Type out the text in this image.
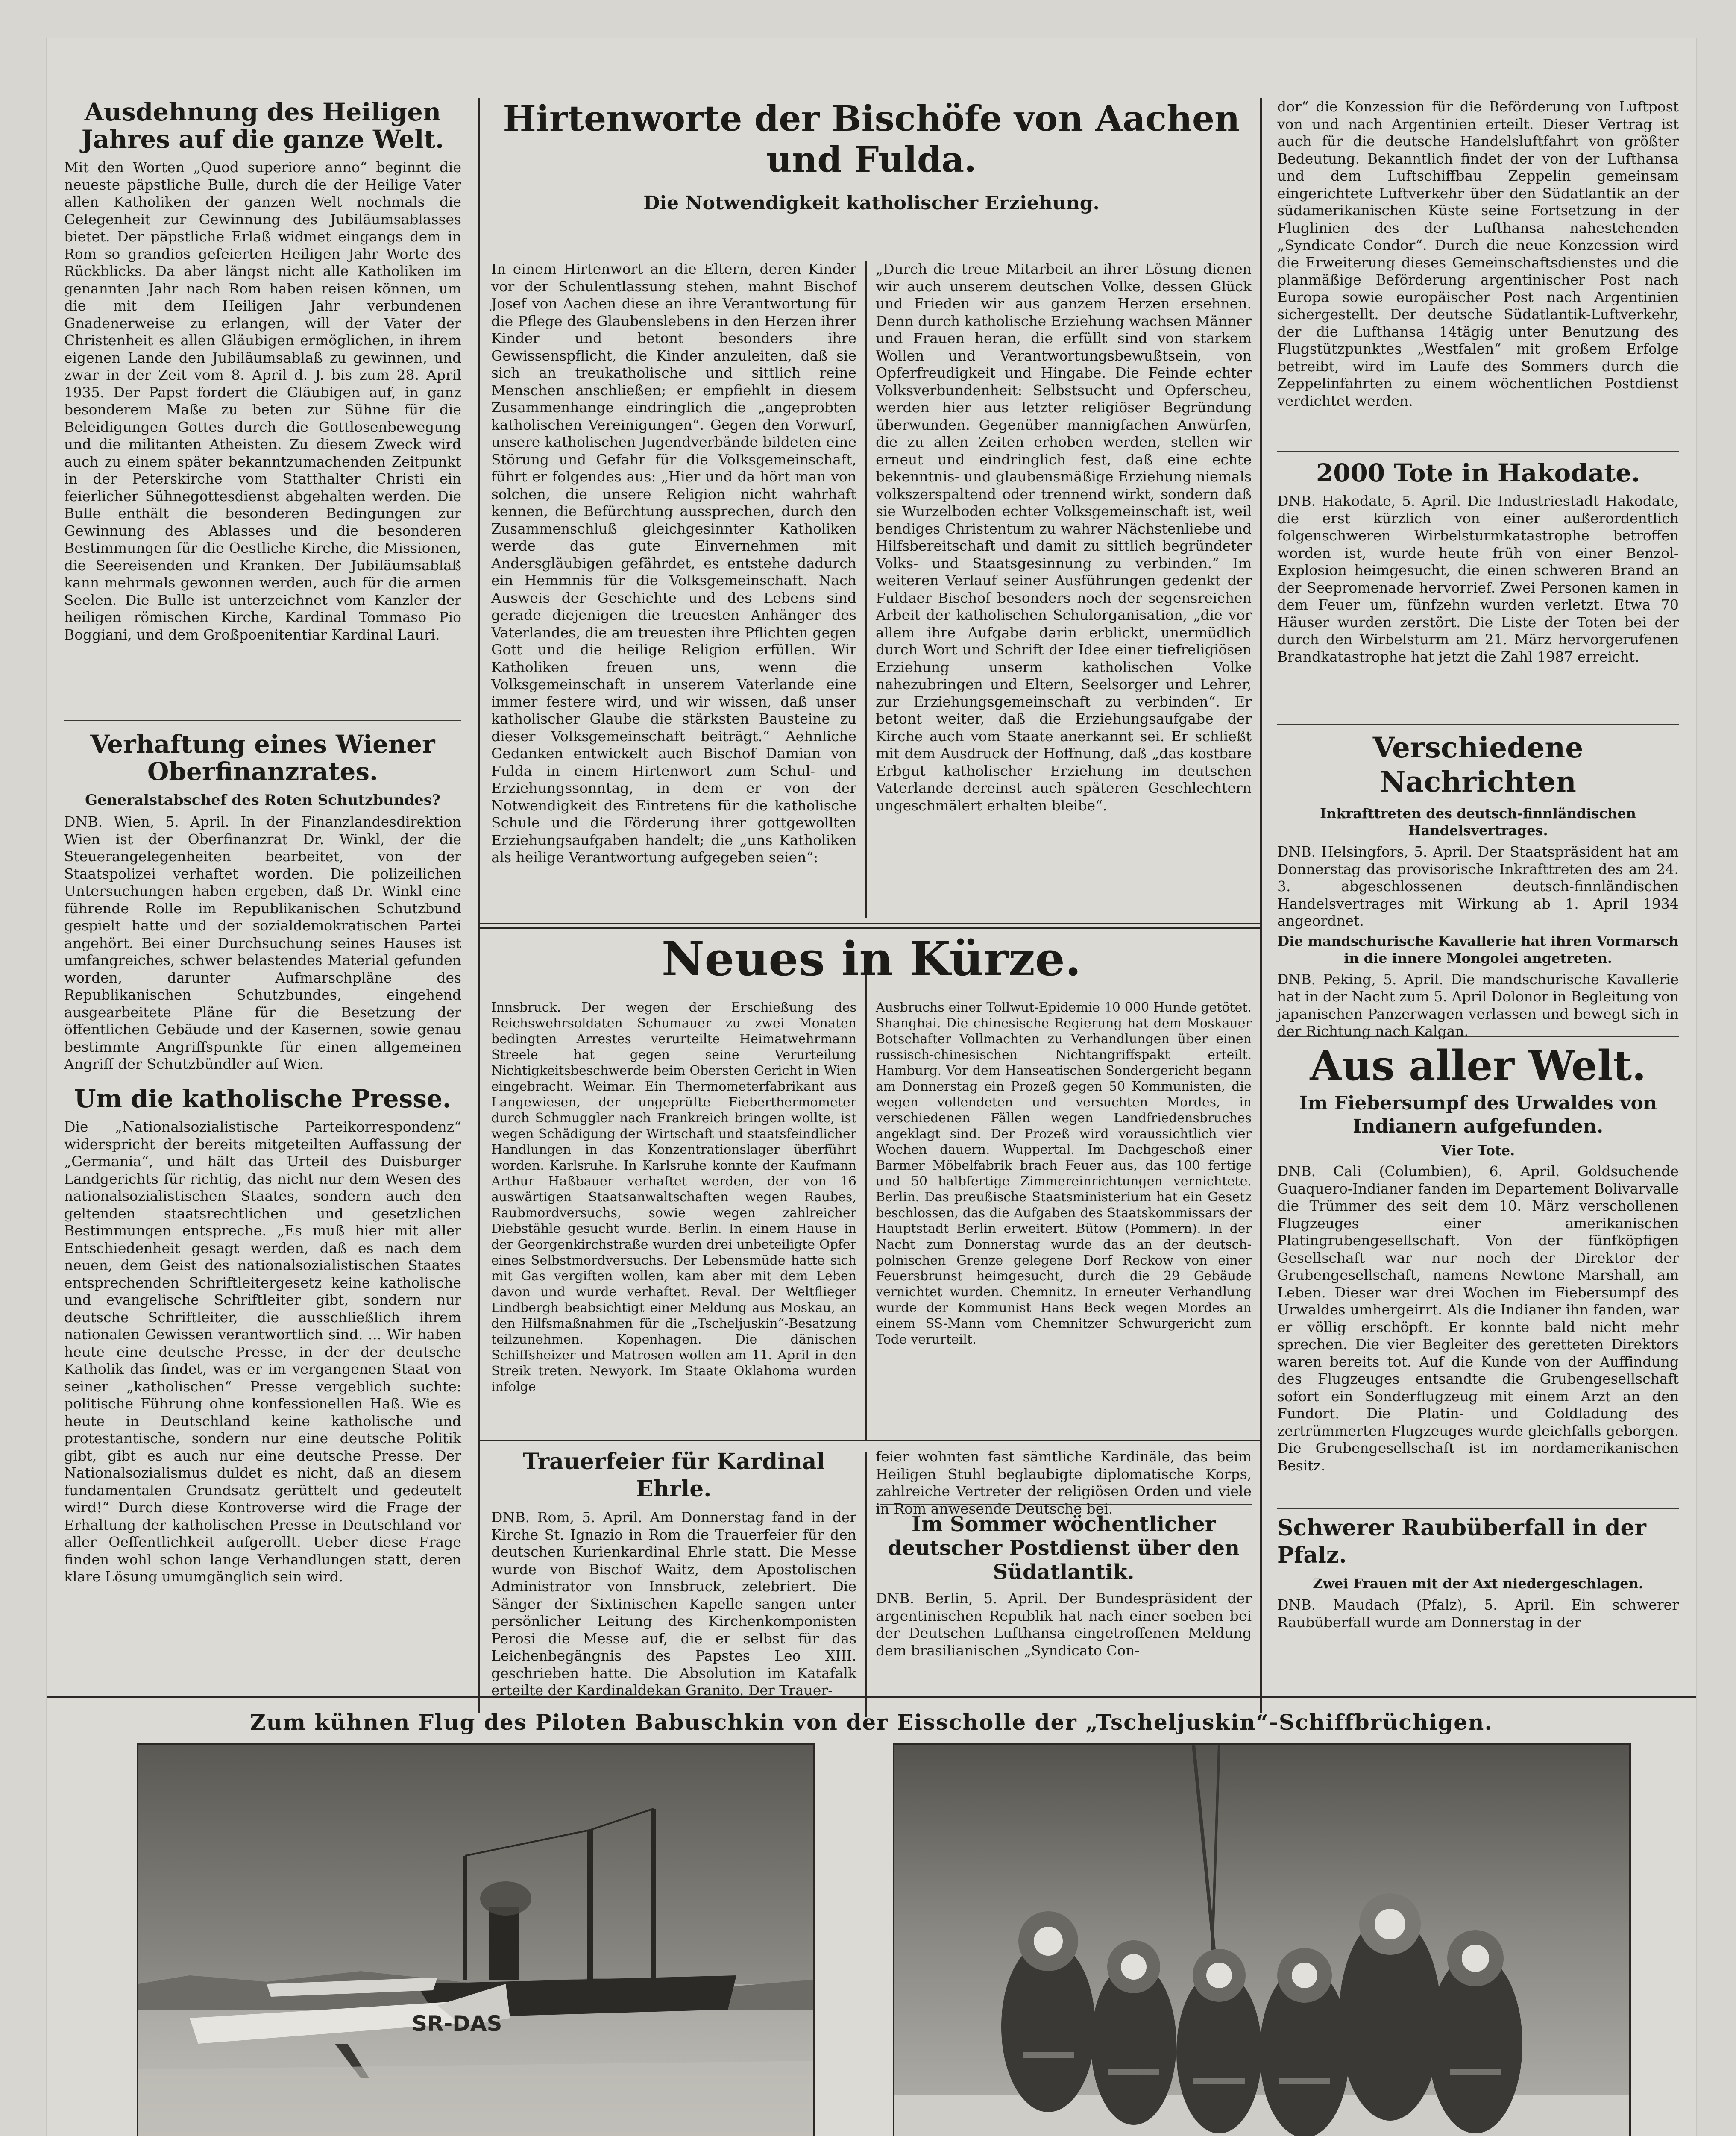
Ausdehnung des Heiligen Jahres auf die ganze Welt.

Mit den Worten „Quod superiore anno“ beginnt die neueste päpstliche Bulle, durch die der Heilige Vater allen Katholiken der ganzen Welt nochmals die Gelegenheit zur Gewinnung des Jubiläumsablasses bietet. Der päpstliche Erlaß widmet eingangs dem in Rom so grandios gefeierten Heiligen Jahr Worte des Rückblicks. Da aber längst nicht alle Katholiken im genannten Jahr nach Rom haben reisen können, um die mit dem Heiligen Jahr verbundenen Gnadenerweise zu erlangen, will der Vater der Christenheit es allen Gläubigen ermöglichen, in ihrem eigenen Lande den Jubiläumsablaß zu gewinnen, und zwar in der Zeit vom 8. April d. J. bis zum 28. April 1935. Der Papst fordert die Gläubigen auf, in ganz besonderem Maße zu beten zur Sühne für die Beleidigungen Gottes durch die Gottlosenbewegung und die militanten Atheisten. Zu diesem Zweck wird auch zu einem später bekanntzumachenden Zeitpunkt in der Peterskirche vom Statthalter Christi ein feierlicher Sühnegottesdienst abgehalten werden. Die Bulle enthält die besonderen Bedingungen zur Gewinnung des Ablasses und die besonderen Bestimmungen für die Oestliche Kirche, die Missionen, die Seereisenden und Kranken. Der Jubiläumsablaß kann mehrmals gewonnen werden, auch für die armen Seelen. Die Bulle ist unterzeichnet vom Kanzler der heiligen römischen Kirche, Kardinal Tommaso Pio Boggiani, und dem Großpoenitentiar Kardinal Lauri.

Verhaftung eines Wiener Oberfinanzrates.
Generalstabschef des Roten Schutzbundes?

DNB. Wien, 5. April. In der Finanzlandesdirektion Wien ist der Oberfinanzrat Dr. Winkl, der die Steuerangelegenheiten bearbeitet, von der Staatspolizei verhaftet worden. Die polizeilichen Untersuchungen haben ergeben, daß Dr. Winkl eine führende Rolle im Republikanischen Schutzbund gespielt hatte und der sozialdemokratischen Partei angehört. Bei einer Durchsuchung seines Hauses ist umfangreiches, schwer belastendes Material gefunden worden, darunter Aufmarschpläne des Republikanischen Schutzbundes, eingehend ausgearbeitete Pläne für die Besetzung der öffentlichen Gebäude und der Kasernen, sowie genau bestimmte Angriffspunkte für einen allgemeinen Angriff der Schutzbündler auf Wien.

Um die katholische Presse.

Die „Nationalsozialistische Parteikorrespondenz“ widerspricht der bereits mitgeteilten Auffassung der „Germania“, und hält das Urteil des Duisburger Landgerichts für richtig, das nicht nur dem Wesen des nationalsozialistischen Staates, sondern auch den geltenden staatsrechtlichen und gesetzlichen Bestimmungen entspreche. „Es muß hier mit aller Entschiedenheit gesagt werden, daß es nach dem neuen, dem Geist des nationalsozialistischen Staates entsprechenden Schriftleitergesetz keine katholische und evangelische Schriftleiter gibt, sondern nur deutsche Schriftleiter, die ausschließlich ihrem nationalen Gewissen verantwortlich sind. ... Wir haben heute eine deutsche Presse, in der der deutsche Katholik das findet, was er im vergangenen Staat von seiner „katholischen“ Presse vergeblich suchte: politische Führung ohne konfessionellen Haß. Wie es heute in Deutschland keine katholische und protestantische, sondern nur eine deutsche Politik gibt, gibt es auch nur eine deutsche Presse. Der Nationalsozialismus duldet es nicht, daß an diesem fundamentalen Grundsatz gerüttelt und gedeutelt wird!“ Durch diese Kontroverse wird die Frage der Erhaltung der katholischen Presse in Deutschland vor aller Oeffentlichkeit aufgerollt. Ueber diese Frage finden wohl schon lange Verhandlungen statt, deren klare Lösung umumgänglich sein wird.

Hirtenworte der Bischöfe von Aachen und Fulda.
Die Notwendigkeit katholischer Erziehung.

In einem Hirtenwort an die Eltern, deren Kinder vor der Schulentlassung stehen, mahnt Bischof Josef von Aachen diese an ihre Verantwortung für die Pflege des Glaubenslebens in den Herzen ihrer Kinder und betont besonders ihre Gewissenspflicht, die Kinder anzuleiten, daß sie sich an treukatholische und sittlich reine Menschen anschließen; er empfiehlt in diesem Zusammenhange eindringlich die „angeprobten katholischen Vereinigungen“. Gegen den Vorwurf, unsere katholischen Jugendverbände bildeten eine Störung und Gefahr für die Volksgemeinschaft, führt er folgendes aus: „Hier und da hört man von solchen, die unsere Religion nicht wahrhaft kennen, die Befürchtung aussprechen, durch den Zusammenschluß gleichgesinnter Katholiken werde das gute Einvernehmen mit Andersgläubigen gefährdet, es entstehe dadurch ein Hemmnis für die Volksgemeinschaft. Nach Ausweis der Geschichte und des Lebens sind gerade diejenigen die treuesten Anhänger des Vaterlandes, die am treuesten ihre Pflichten gegen Gott und die heilige Religion erfüllen. Wir Katholiken freuen uns, wenn die Volksgemeinschaft in unserem Vaterlande eine immer festere wird, und wir wissen, daß unser katholischer Glaube die stärksten Bausteine zu dieser Volksgemeinschaft beiträgt.“ Aehnliche Gedanken entwickelt auch Bischof Damian von Fulda in einem Hirtenwort zum Schul- und Erziehungssonntag, in dem er von der Notwendigkeit des Eintretens für die katholische Schule und die Förderung ihrer gottgewollten Erziehungsaufgaben handelt; die „uns Katholiken als heilige Verantwortung aufgegeben seien“:

„Durch die treue Mitarbeit an ihrer Lösung dienen wir auch unserem deutschen Volke, dessen Glück und Frieden wir aus ganzem Herzen ersehnen. Denn durch katholische Erziehung wachsen Männer und Frauen heran, die erfüllt sind von starkem Wollen und Verantwortungsbewußtsein, von Opferfreudigkeit und Hingabe. Die Feinde echter Volksverbundenheit: Selbstsucht und Opferscheu, werden hier aus letzter religiöser Begründung überwunden. Gegenüber mannigfachen Anwürfen, die zu allen Zeiten erhoben werden, stellen wir erneut und eindringlich fest, daß eine echte bekenntnis- und glaubensmäßige Erziehung niemals volkszerspaltend oder trennend wirkt, sondern daß sie Wurzelboden echter Volksgemeinschaft ist, weil bendiges Christentum zu wahrer Nächstenliebe und Hilfsbereitschaft und damit zu sittlich begründeter Volks- und Staatsgesinnung zu verbinden.“ Im weiteren Verlauf seiner Ausführungen gedenkt der Fuldaer Bischof besonders noch der segensreichen Arbeit der katholischen Schulorganisation, „die vor allem ihre Aufgabe darin erblickt, unermüdlich durch Wort und Schrift der Idee einer tiefreligiösen Erziehung unserm katholischen Volke nahezubringen und Eltern, Seelsorger und Lehrer, zur Erziehungsgemeinschaft zu verbinden“. Er betont weiter, daß die Erziehungsaufgabe der Kirche auch vom Staate anerkannt sei. Er schließt mit dem Ausdruck der Hoffnung, daß „das kostbare Erbgut katholischer Erziehung im deutschen Vaterlande dereinst auch späteren Geschlechtern ungeschmälert erhalten bleibe“.

Neues in Kürze.

Innsbruck. Der wegen der Erschießung des Reichswehrsoldaten Schumauer zu zwei Monaten bedingten Arrestes verurteilte Heimatwehrmann Streele hat gegen seine Verurteilung Nichtigkeitsbeschwerde beim Obersten Gericht in Wien eingebracht. Weimar. Ein Thermometerfabrikant aus Langewiesen, der ungeprüfte Fieberthermometer durch Schmuggler nach Frankreich bringen wollte, ist wegen Schädigung der Wirtschaft und staatsfeindlicher Handlungen in das Konzentrationslager überführt worden. Karlsruhe. In Karlsruhe konnte der Kaufmann Arthur Haßbauer verhaftet werden, der von 16 auswärtigen Staatsanwaltschaften wegen Raubes, Raubmordversuchs, sowie wegen zahlreicher Diebstähle gesucht wurde. Berlin. In einem Hause in der Georgenkirchstraße wurden drei unbeteiligte Opfer eines Selbstmordversuchs. Der Lebensmüde hatte sich mit Gas vergiften wollen, kam aber mit dem Leben davon und wurde verhaftet. Reval. Der Weltflieger Lindbergh beabsichtigt einer Meldung aus Moskau, an den Hilfsmaßnahmen für die „Tscheljuskin“-Besatzung teilzunehmen. Kopenhagen. Die dänischen Schiffsheizer und Matrosen wollen am 11. April in den Streik treten. Newyork. Im Staate Oklahoma wurden infolge

Ausbruchs einer Tollwut-Epidemie 10 000 Hunde getötet. Shanghai. Die chinesische Regierung hat dem Moskauer Botschafter Vollmachten zu Verhandlungen über einen russisch-chinesischen Nichtangriffspakt erteilt. Hamburg. Vor dem Hanseatischen Sondergericht begann am Donnerstag ein Prozeß gegen 50 Kommunisten, die wegen vollendeten und versuchten Mordes, in verschiedenen Fällen wegen Landfriedensbruches angeklagt sind. Der Prozeß wird voraussichtlich vier Wochen dauern. Wuppertal. Im Dachgeschoß einer Barmer Möbelfabrik brach Feuer aus, das 100 fertige und 50 halbfertige Zimmereinrichtungen vernichtete. Berlin. Das preußische Staatsministerium hat ein Gesetz beschlossen, das die Aufgaben des Staatskommissars der Hauptstadt Berlin erweitert. Bütow (Pommern). In der Nacht zum Donnerstag wurde das an der deutsch-polnischen Grenze gelegene Dorf Reckow von einer Feuersbrunst heimgesucht, durch die 29 Gebäude vernichtet wurden. Chemnitz. In erneuter Verhandlung wurde der Kommunist Hans Beck wegen Mordes an einem SS-Mann vom Chemnitzer Schwurgericht zum Tode verurteilt.

Trauerfeier für Kardinal Ehrle.

DNB. Rom, 5. April. Am Donnerstag fand in der Kirche St. Ignazio in Rom die Trauerfeier für den deutschen Kurienkardinal Ehrle statt. Die Messe wurde von Bischof Waitz, dem Apostolischen Administrator von Innsbruck, zelebriert. Die Sänger der Sixtinischen Kapelle sangen unter persönlicher Leitung des Kirchenkomponisten Perosi die Messe auf, die er selbst für das Leichenbegängnis des Papstes Leo XIII. geschrieben hatte. Die Absolution im Katafalk erteilte der Kardinaldekan Granito. Der Trauer-

feier wohnten fast sämtliche Kardinäle, das beim Heiligen Stuhl beglaubigte diplomatische Korps, zahlreiche Vertreter der religiösen Orden und viele in Rom anwesende Deutsche bei.

Im Sommer wöchentlicher deutscher Postdienst über den Südatlantik.

DNB. Berlin, 5. April. Der Bundespräsident der argentinischen Republik hat nach einer soeben bei der Deutschen Lufthansa eingetroffenen Meldung dem brasilianischen „Syndicato Con-

dor“ die Konzession für die Beförderung von Luftpost von und nach Argentinien erteilt. Dieser Vertrag ist auch für die deutsche Handelsluftfahrt von größter Bedeutung. Bekanntlich findet der von der Lufthansa und dem Luftschiffbau Zeppelin gemeinsam eingerichtete Luftverkehr über den Südatlantik an der südamerikanischen Küste seine Fortsetzung in der Fluglinien des der Lufthansa nahestehenden „Syndicate Condor“. Durch die neue Konzession wird die Erweiterung dieses Gemeinschaftsdienstes und die planmäßige Beförderung argentinischer Post nach Europa sowie europäischer Post nach Argentinien sichergestellt. Der deutsche Südatlantik-Luftverkehr, der die Lufthansa 14tägig unter Benutzung des Flugstützpunktes „Westfalen“ mit großem Erfolge betreibt, wird im Laufe des Sommers durch die Zeppelinfahrten zu einem wöchentlichen Postdienst verdichtet werden.

2000 Tote in Hakodate.

DNB. Hakodate, 5. April. Die Industriestadt Hakodate, die erst kürzlich von einer außerordentlich folgenschweren Wirbelsturmkatastrophe betroffen worden ist, wurde heute früh von einer Benzol-Explosion heimgesucht, die einen schweren Brand an der Seepromenade hervorrief. Zwei Personen kamen in dem Feuer um, fünfzehn wurden verletzt. Etwa 70 Häuser wurden zerstört. Die Liste der Toten bei der durch den Wirbelsturm am 21. März hervorgerufenen Brandkatastrophe hat jetzt die Zahl 1987 erreicht.

Verschiedene Nachrichten
Inkrafttreten des deutsch-finnländischen Handelsvertrages.

DNB. Helsingfors, 5. April. Der Staatspräsident hat am Donnerstag das provisorische Inkrafttreten des am 24. 3. abgeschlossenen deutsch-finnländischen Handelsvertrages mit Wirkung ab 1. April 1934 angeordnet.

Die mandschurische Kavallerie hat ihren Vormarsch in die innere Mongolei angetreten.

DNB. Peking, 5. April. Die mandschurische Kavallerie hat in der Nacht zum 5. April Dolonor in Begleitung von japanischen Panzerwagen verlassen und bewegt sich in der Richtung nach Kalgan.

Aus aller Welt.
Im Fiebersumpf des Urwaldes von Indianern aufgefunden.
Vier Tote.

DNB. Cali (Columbien), 6. April. Goldsuchende Guaquero-Indianer fanden im Departement Bolivarvalle die Trümmer des seit dem 10. März verschollenen Flugzeuges einer amerikanischen Platingrubengesellschaft. Von der fünfköpfigen Gesellschaft war nur noch der Direktor der Grubengesellschaft, namens Newtone Marshall, am Leben. Dieser war drei Wochen im Fiebersumpf des Urwaldes umhergeirrt. Als die Indianer ihn fanden, war er völlig erschöpft. Er konnte bald nicht mehr sprechen. Die vier Begleiter des geretteten Direktors waren bereits tot. Auf die Kunde von der Auffindung des Flugzeuges entsandte die Grubengesellschaft sofort ein Sonderflugzeug mit einem Arzt an den Fundort. Die Platin- und Goldladung des zertrümmerten Flugzeuges wurde gleichfalls geborgen. Die Grubengesellschaft ist im nordamerikanischen Besitz.

Schwerer Raubüberfall in der Pfalz.
Zwei Frauen mit der Axt niedergeschlagen.

DNB. Maudach (Pfalz), 5. April. Ein schwerer Raubüberfall wurde am Donnerstag in der

Zum kühnen Flug des Piloten Babuschkin von der Eisscholle der „Tscheljuskin“-Schiffbrüchigen.
SR-DAS
